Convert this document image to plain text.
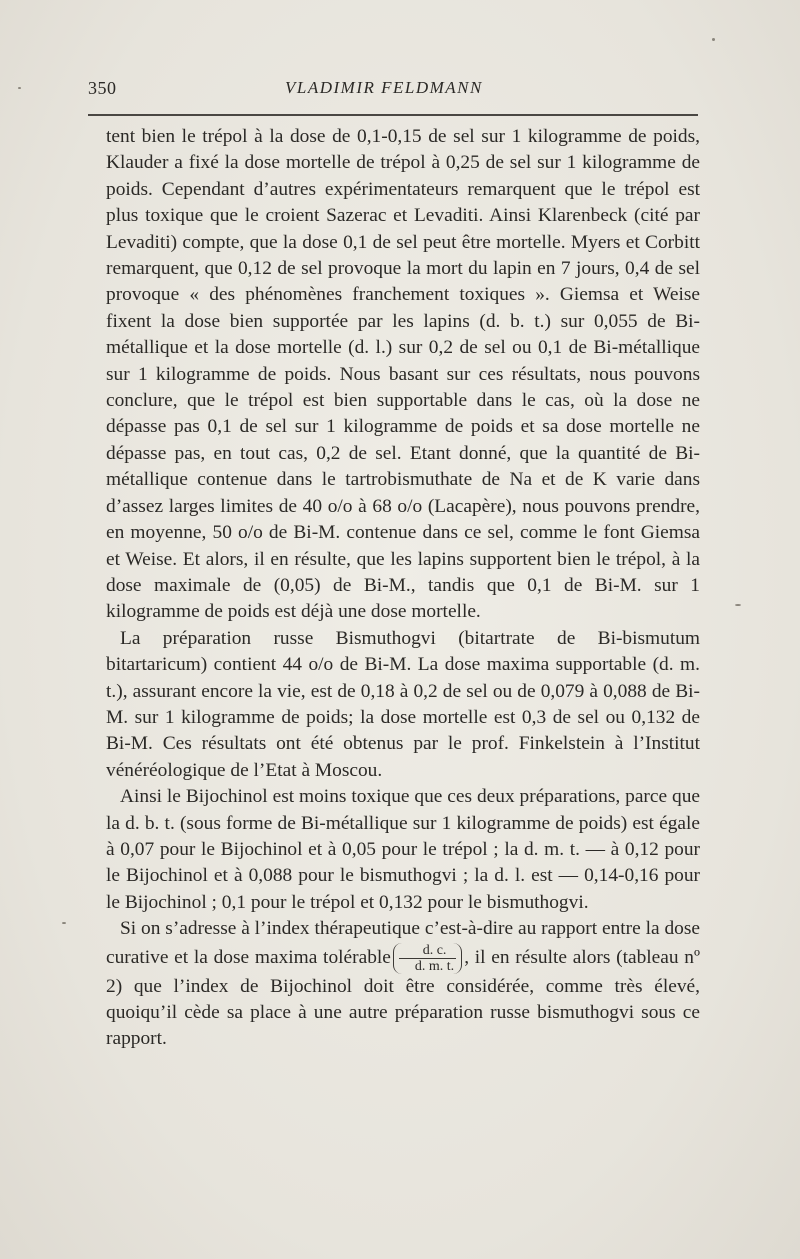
350	VLADIMIR FELDMANN

tent bien le trépol à la dose de 0,1-0,15 de sel sur 1 kilogramme de poids, Klauder a fixé la dose mortelle de trépol à 0,25 de sel sur 1 kilogramme de poids. Cependant d’autres expérimentateurs remarquent que le trépol est plus toxique que le croient Sazerac et Levaditi. Ainsi Klarenbeck (cité par Levaditi) compte, que la dose 0,1 de sel peut être mortelle. Myers et Corbitt remarquent, que 0,12 de sel provoque la mort du lapin en 7 jours, 0,4 de sel provoque « des phénomènes franchement toxiques ». Giemsa et Weise fixent la dose bien supportée par les lapins (d. b. t.) sur 0,055 de Bi-métallique et la dose mortelle (d. l.) sur 0,2 de sel ou 0,1 de Bi-métallique sur 1 kilogramme de poids. Nous basant sur ces résultats, nous pouvons conclure, que le trépol est bien supportable dans le cas, où la dose ne dépasse pas 0,1 de sel sur 1 kilogramme de poids et sa dose mortelle ne dépasse pas, en tout cas, 0,2 de sel. Etant donné, que la quantité de Bi-métallique contenue dans le tartrobismuthate de Na et de K varie dans d’assez larges limites de 40 o/o à 68 o/o (Lacapère), nous pouvons prendre, en moyenne, 50 o/o de Bi-M. contenue dans ce sel, comme le font Giemsa et Weise. Et alors, il en résulte, que les lapins supportent bien le trépol, à la dose maximale de (0,05) de Bi-M., tandis que 0,1 de Bi-M. sur 1 kilogramme de poids est déjà une dose mortelle.

La préparation russe Bismuthogvi (bitartrate de Bi-bismutum bitartaricum) contient 44 o/o de Bi-M. La dose maxima supportable (d. m. t.), assurant encore la vie, est de 0,18 à 0,2 de sel ou de 0,079 à 0,088 de Bi-M. sur 1 kilogramme de poids; la dose mortelle est 0,3 de sel ou 0,132 de Bi-M. Ces résultats ont été obtenus par le prof. Finkelstein à l’Institut vénéréologique de l’Etat à Moscou.

Ainsi le Bijochinol est moins toxique que ces deux préparations, parce que la d. b. t. (sous forme de Bi-métallique sur 1 kilogramme de poids) est égale à 0,07 pour le Bijochinol et à 0,05 pour le trépol ; la d. m. t. — à 0,12 pour le Bijochinol et à 0,088 pour le bismuthogvi ; la d. l. est — 0,14-0,16 pour le Bijochinol ; 0,1 pour le trépol et 0,132 pour le bismuthogvi.

Si on s’adresse à l’index thérapeutique c’est-à-dire au rapport entre la dose curative et la dose maxima tolérable $\frac{d. c.}{d. m. t.}$ , il en résulte alors (tableau nº 2) que l’index de Bijochinol doit être considérée, comme très élevé, quoiqu’il cède sa place à une autre préparation russe bismuthogvi sous ce rapport.
